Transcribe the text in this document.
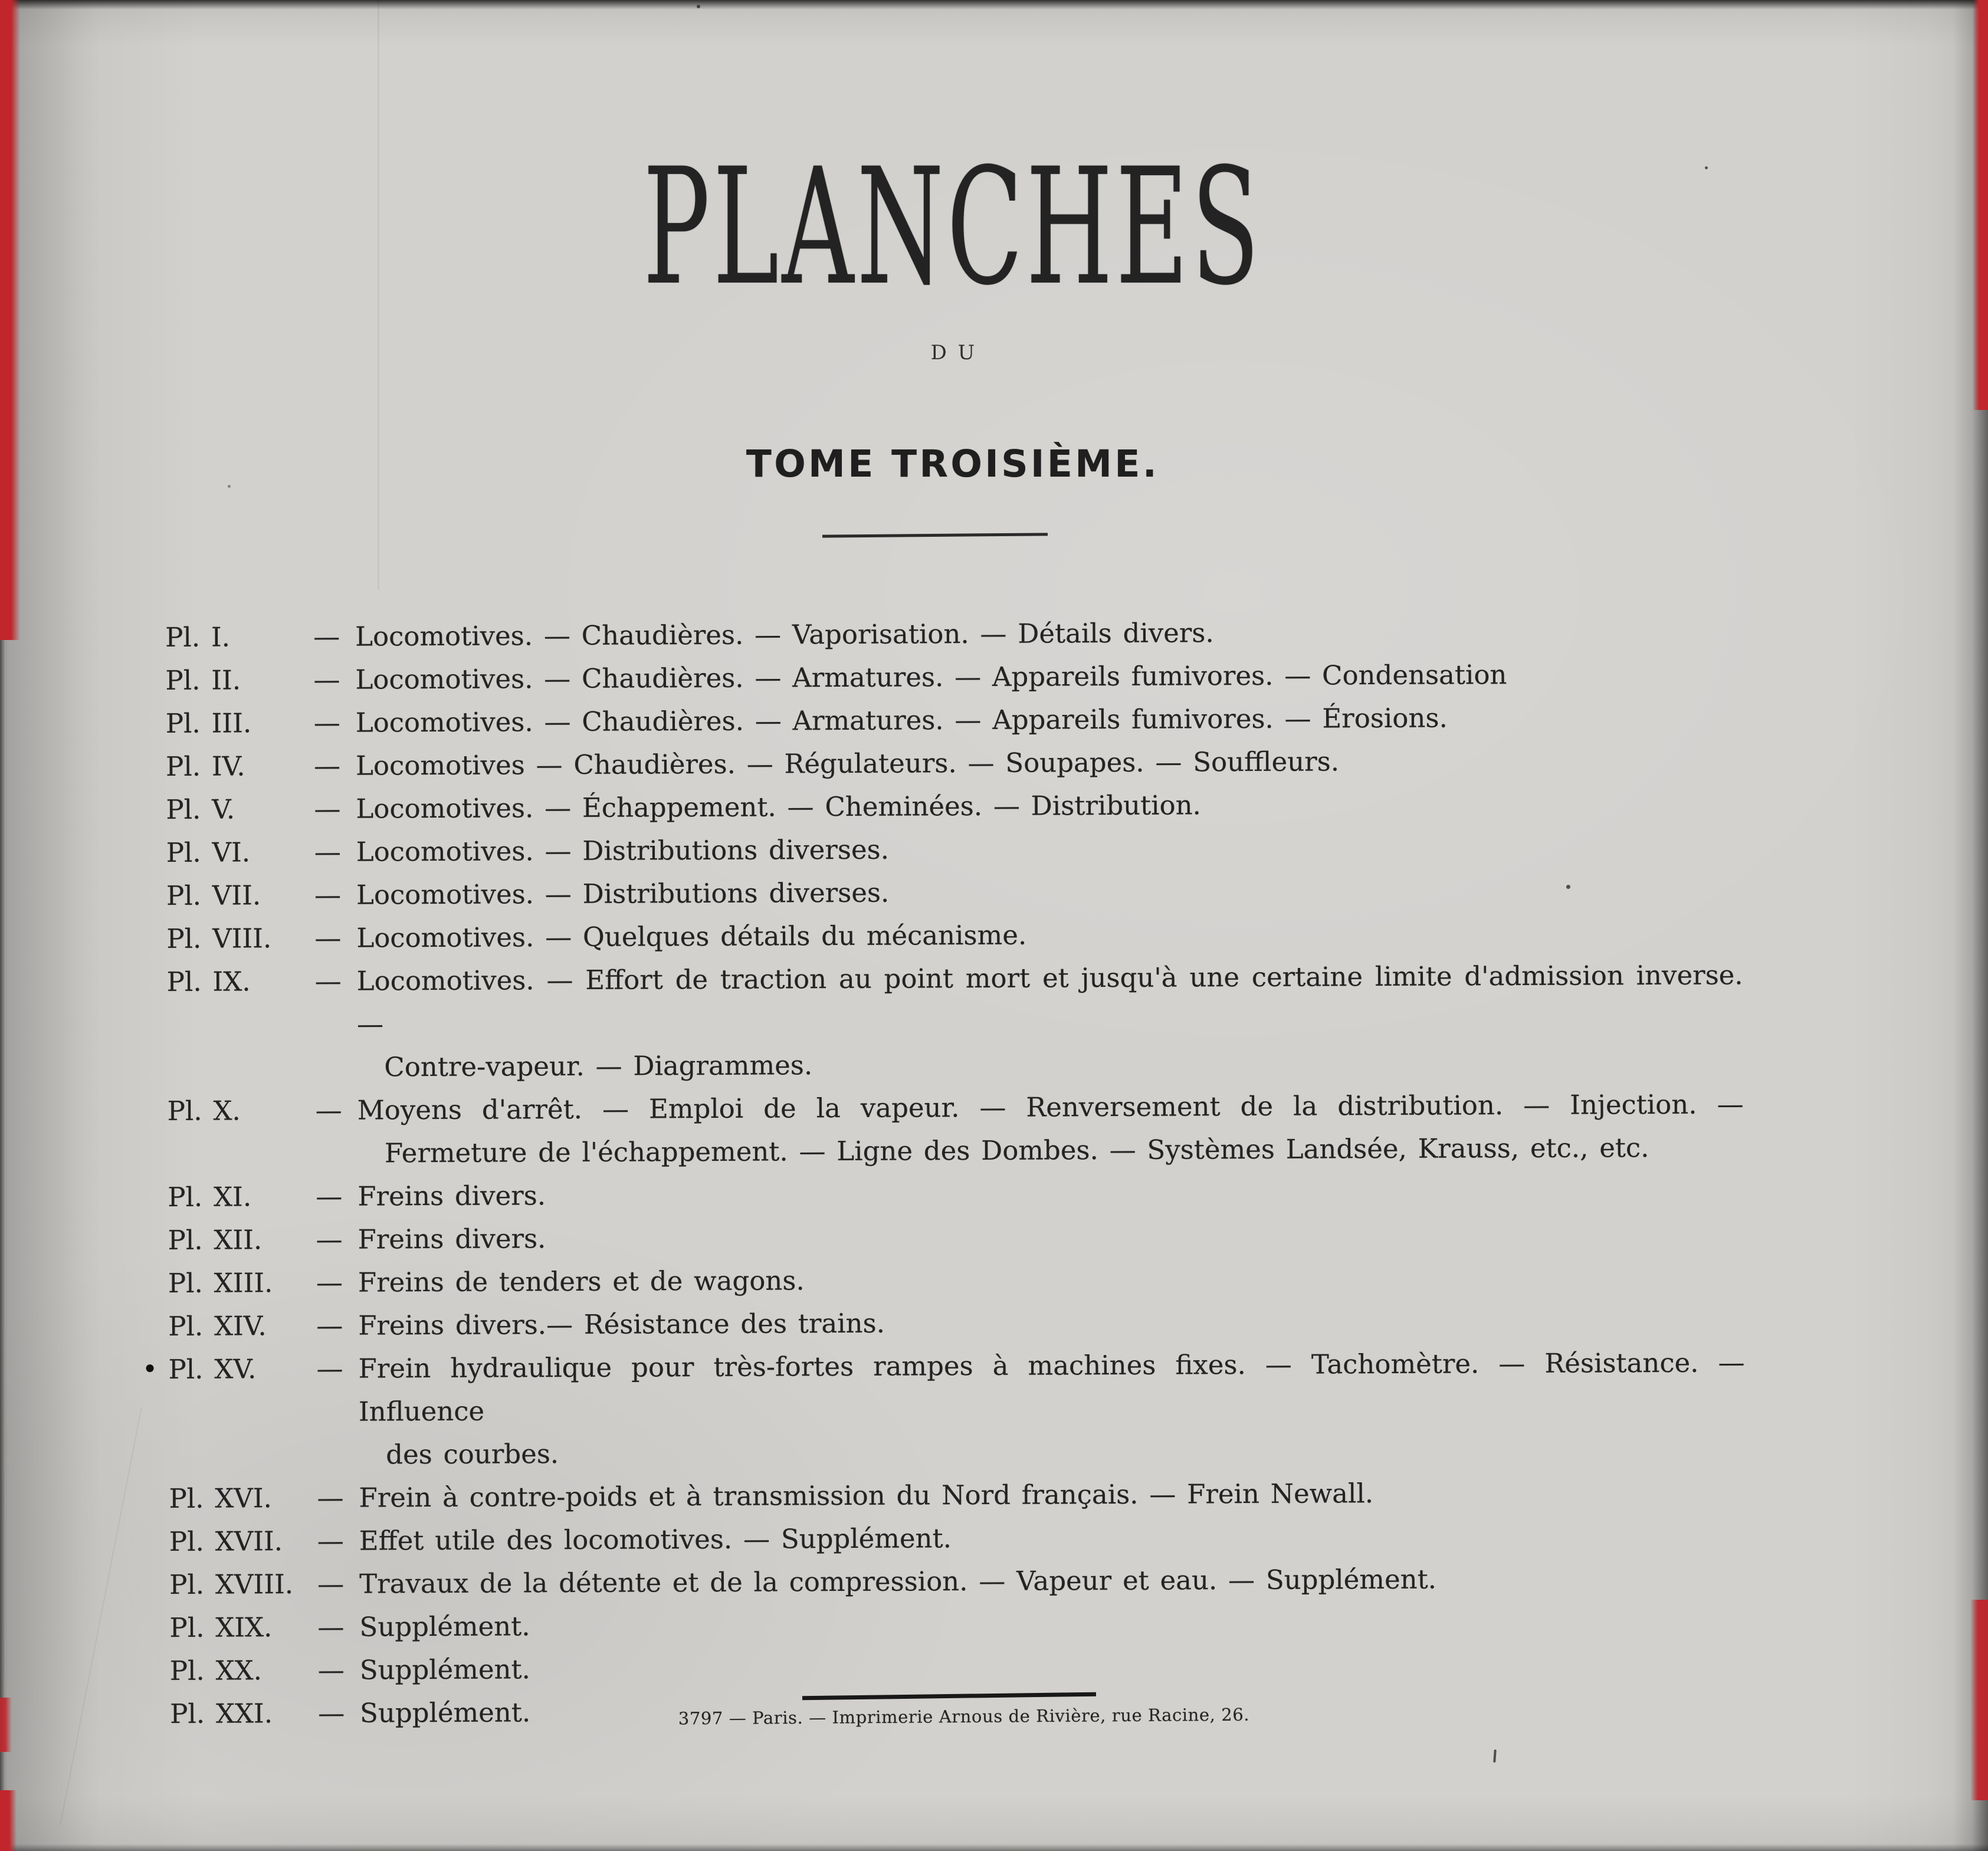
PLANCHES
DU
TOME TROISIÈME.
Pl. I.	— Locomotives. — Chaudières. — Vaporisation. — Détails divers.
Pl. II.	— Locomotives. — Chaudières. — Armatures. — Appareils fumivores. — Condensation
Pl. III.	— Locomotives. — Chaudières. — Armatures. — Appareils fumivores. — Érosions.
Pl. IV.	— Locomotives — Chaudières. — Régulateurs. — Soupapes. — Souffleurs.
Pl. V.	— Locomotives. — Échappement. — Cheminées. — Distribution.
Pl. VI.	— Locomotives. — Distributions diverses.
Pl. VII.	— Locomotives. — Distributions diverses.
Pl. VIII.	— Locomotives. — Quelques détails du mécanisme.
Pl. IX.	— Locomotives. — Effort de traction au point mort et jusqu'à une certaine limite d'admission inverse. —
Contre-vapeur. — Diagrammes.
Pl. X.	— Moyens d'arrêt. — Emploi de la vapeur. — Renversement de la distribution. — Injection. —
Fermeture de l'échappement. — Ligne des Dombes. — Systèmes Landsée, Krauss, etc., etc.
Pl. XI.	— Freins divers.
Pl. XII.	— Freins divers.
Pl. XIII.	— Freins de tenders et de wagons.
Pl. XIV.	— Freins divers.— Résistance des trains.
Pl. XV.	— Frein hydraulique pour très-fortes rampes à machines fixes. — Tachomètre. — Résistance. — Influence
des courbes.
Pl. XVI.	— Frein à contre-poids et à transmission du Nord français. — Frein Newall.
Pl. XVII.	— Effet utile des locomotives. — Supplément.
Pl. XVIII. — Travaux de la détente et de la compression. — Vapeur et eau. — Supplément.
Pl. XIX.	— Supplément.
Pl. XX.	— Supplément.
Pl. XXI.	— Supplément.	3797 — Paris. — Imprimerie Arnous de Rivière, rue Racine, 26.
